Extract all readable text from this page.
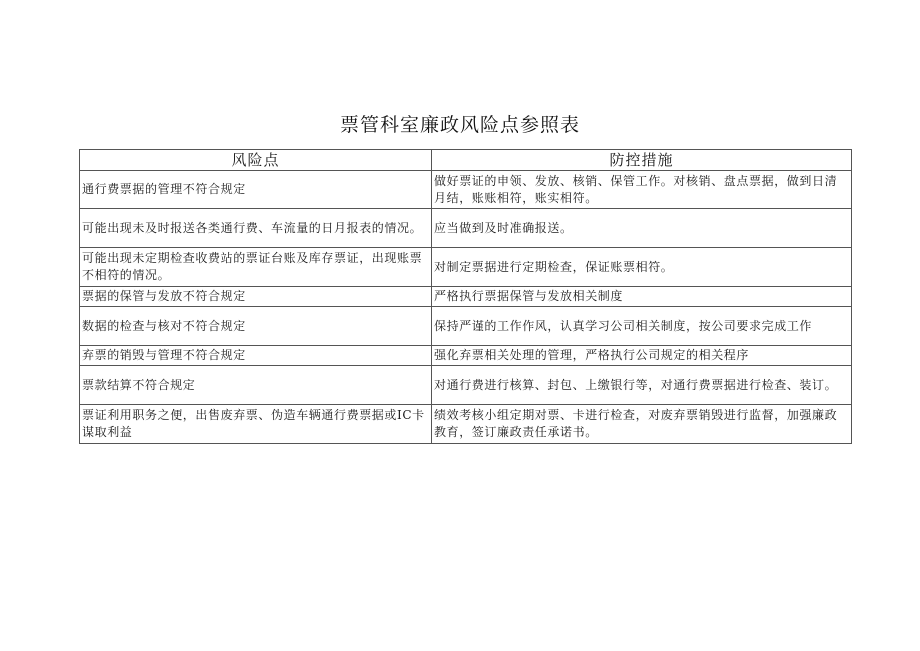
票管科室廉政风险点参照表
风险点	防控措施
通行费票据的管理不符合规定	做好票证的申领、发放、核销、保管工作。对核销、盘点票据，做到日清月结，账账相符，账实相符。
可能出现未及时报送各类通行费、车流量的日月报表的情况。	应当做到及时准确报送。
可能出现未定期检查收费站的票证台账及库存票证，出现账票不相符的情况。	对制定票据进行定期检查，保证账票相符。
票据的保管与发放不符合规定	严格执行票据保管与发放相关制度
数据的检查与核对不符合规定	保持严谨的工作作风，认真学习公司相关制度，按公司要求完成工作
弃票的销毁与管理不符合规定	强化弃票相关处理的管理，严格执行公司规定的相关程序
票款结算不符合规定	对通行费进行核算、封包、上缴银行等，对通行费票据进行检查、装订。
票证利用职务之便，出售废弃票、伪造车辆通行费票据或IC卡谋取利益	绩效考核小组定期对票、卡进行检查，对废弃票销毁进行监督，加强廉政教育，签订廉政责任承诺书。
